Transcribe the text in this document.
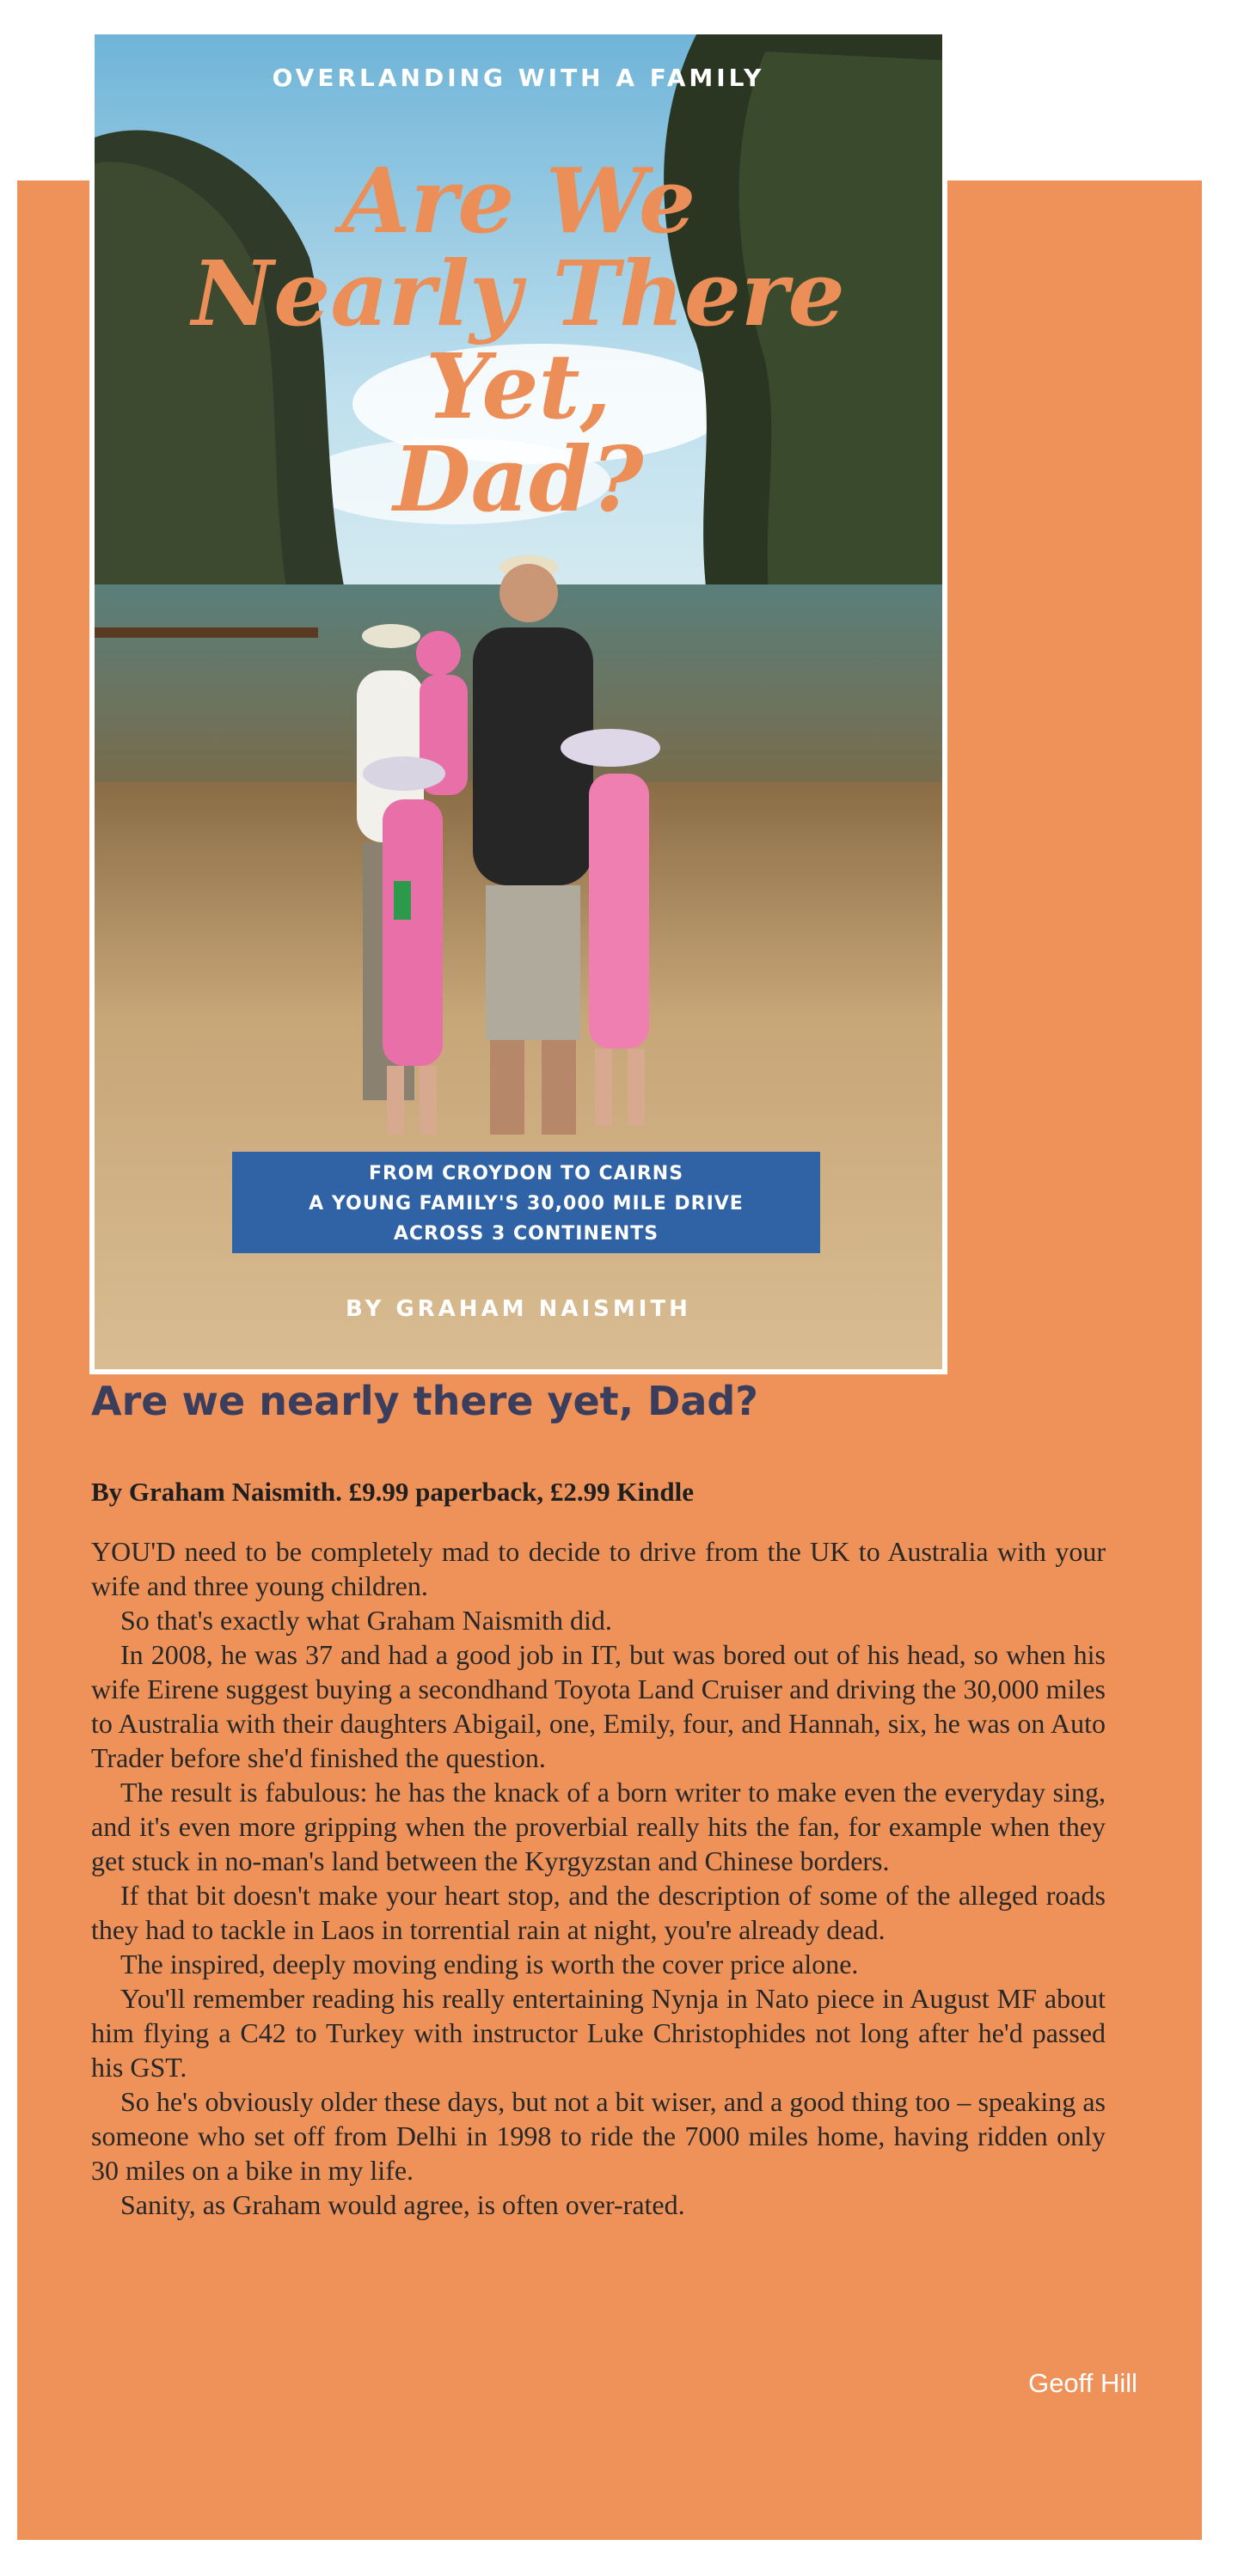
OVERLANDING WITH A FAMILY
Are We
Nearly There Yet,
Dad?
FROM CROYDON TO CAIRNS
A YOUNG FAMILY'S 30,000 MILE DRIVE
ACROSS 3 CONTINENTS
BY GRAHAM NAISMITH
Are we nearly there yet, Dad?
By Graham Naismith. £9.99 paperback, £2.99 Kindle

YOU'D need to be completely mad to decide to drive from the UK to Australia with your wife and three young children.

So that's exactly what Graham Naismith did.

In 2008, he was 37 and had a good job in IT, but was bored out of his head, so when his wife Eirene suggest buying a secondhand Toyota Land Cruiser and driving the 30,000 miles to Australia with their daughters Abigail, one, Emily, four, and Hannah, six, he was on Auto Trader before she'd finished the question.

The result is fabulous: he has the knack of a born writer to make even the everyday sing, and it's even more gripping when the proverbial really hits the fan, for example when they get stuck in no-man's land between the Kyrgyzstan and Chinese borders.

If that bit doesn't make your heart stop, and the description of some of the alleged roads they had to tackle in Laos in torrential rain at night, you're already dead.

The inspired, deeply moving ending is worth the cover price alone.

You'll remember reading his really entertaining Nynja in Nato piece in August MF about him flying a C42 to Turkey with instructor Luke Christophides not long after he'd passed his GST.

So he's obviously older these days, but not a bit wiser, and a good thing too – speaking as someone who set off from Delhi in 1998 to ride the 7000 miles home, having ridden only 30 miles on a bike in my life.

Sanity, as Graham would agree, is often over-rated.

Geoff Hill
